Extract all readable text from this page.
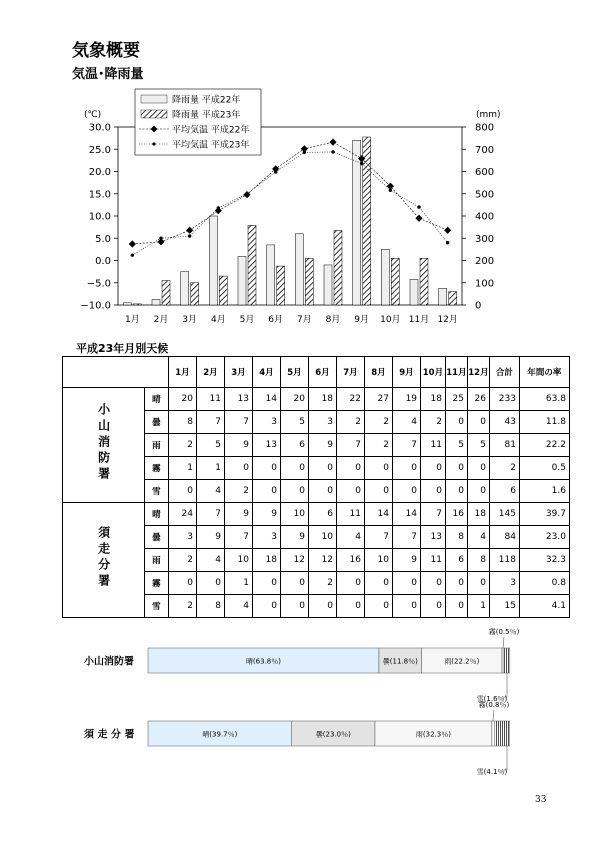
気象概要
気温･降雨量
30.0
25.0
20.0
15.0
10.0
5.0
0.0
−5.0
−10.0
800
700
600
500
400
300
200
100
0
(℃)	(mm)
1月 2月 3月 4月 5月 6月 7月 8月 9月 10月 11月 12月
降雨量 平成22年
降雨量 平成23年
平均気温 平成22年
平均気温 平成23年
平成23年月別天候
		1月	2月	3月	4月	5月	6月	7月	8月	9月	10月	11月	12月	合計	年間の率
小山消防署	晴	20	11	13	14	20	18	22	27	19	18	25	26	233	63.8
	曇	8	7	7	3	5	3	2	2	4	2	0	0	43	11.8
	雨	2	5	9	13	6	9	7	2	7	11	5	5	81	22.2
	霧	1	1	0	0	0	0	0	0	0	0	0	0	2	0.5
	雪	0	4	2	0	0	0	0	0	0	0	0	0	6	1.6
須走分署	晴	24	7	9	9	10	6	11	14	14	7	16	18	145	39.7
	曇	3	9	7	3	9	10	4	7	7	13	8	4	84	23.0
	雨	2	4	10	18	12	12	16	10	9	11	6	8	118	32.3
	霧	0	0	1	0	0	2	0	0	0	0	0	0	3	0.8
	雪	2	8	4	0	0	0	0	0	0	0	0	1	15	4.1
小山消防署	晴(63.8％)	曇(11.8％)	雨(22.2％)
霧(0.5％)
雪(1.6％)
須 走 分 署	晴(39.7％)	曇(23.0％)	雨(32.3％)
霧(0.8％)
雪(4.1％)
33
